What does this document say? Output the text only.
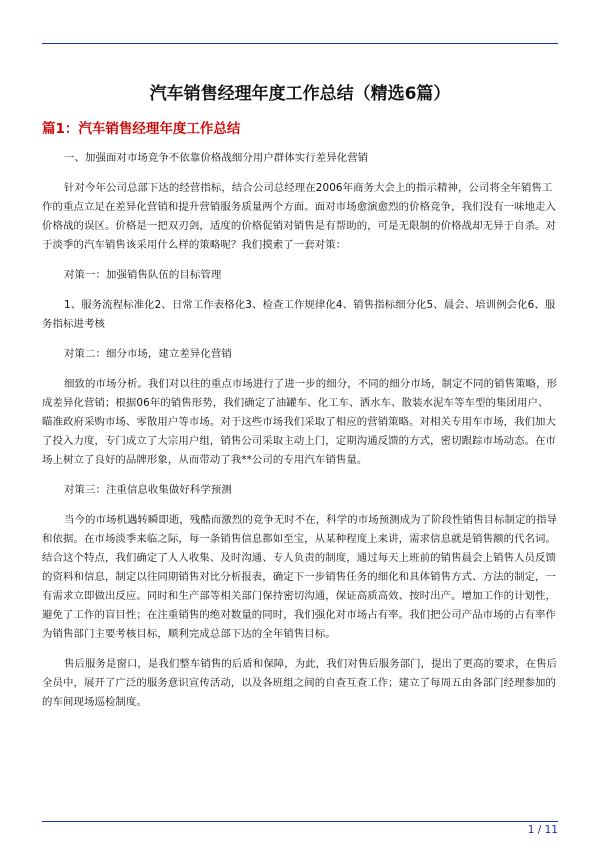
汽车销售经理年度工作总结（精选6篇）
篇1：汽车销售经理年度工作总结

一、加强面对市场竞争不依靠价格战细分用户群体实行差异化营销

针对今年公司总部下达的经营指标，结合公司总经理在2006年商务大会上的指示精神，公司将全年销售工作的重点立足在差异化营销和提升营销服务质量两个方面。面对市场愈演愈烈的价格竞争，我们没有一味地走入价格战的误区。价格是一把双刃剑，适度的价格促销对销售是有帮助的，可是无限制的价格战却无异于自杀。对于淡季的汽车销售该采用什么样的策略呢？我们摸索了一套对策：

对策一：加强销售队伍的目标管理

1、服务流程标准化2、日常工作表格化3、检查工作规律化4、销售指标细分化5、晨会、培训例会化6、服务指标进考核

对策二：细分市场，建立差异化营销

细致的市场分析。我们对以往的重点市场进行了进一步的细分，不同的细分市场，制定不同的销售策略，形成差异化营销；根据06年的销售形势，我们确定了油罐车、化工车、洒水车、散装水泥车等车型的集团用户、瞄准政府采购市场、零散用户等市场。对于这些市场我们采取了相应的营销策略。对相关专用车市场，我们加大了投入力度，专门成立了大宗用户组，销售公司采取主动上门，定期沟通反馈的方式，密切跟踪市场动态。在市场上树立了良好的品牌形象，从而带动了我**公司的专用汽车销售量。

对策三：注重信息收集做好科学预测

当今的市场机遇转瞬即逝，残酷而激烈的竞争无时不在，科学的市场预测成为了阶段性销售目标制定的指导和依据。在市场淡季来临之际，每一条销售信息都如至宝，从某种程度上来讲，需求信息就是销售额的代名词。结合这个特点，我们确定了人人收集、及时沟通、专人负责的制度，通过每天上班前的销售晨会上销售人员反馈的资料和信息，制定以往同期销售对比分析报表，确定下一步销售任务的细化和具体销售方式、方法的制定，一有需求立即做出反应。同时和生产部等相关部门保持密切沟通，保证高质高效、按时出产。增加工作的计划性，避免了工作的盲目性；在注重销售的绝对数量的同时，我们强化对市场占有率。我们把公司产品市场的占有率作为销售部门主要考核目标，顺利完成总部下达的全年销售目标。

售后服务是窗口，是我们整车销售的后盾和保障，为此，我们对售后服务部门，提出了更高的要求，在售后全员中，展开了广泛的服务意识宣传活动，以及各班组之间的自查互查工作；建立了每周五由各部门经理参加的的车间现场巡检制度。

1 / 11
